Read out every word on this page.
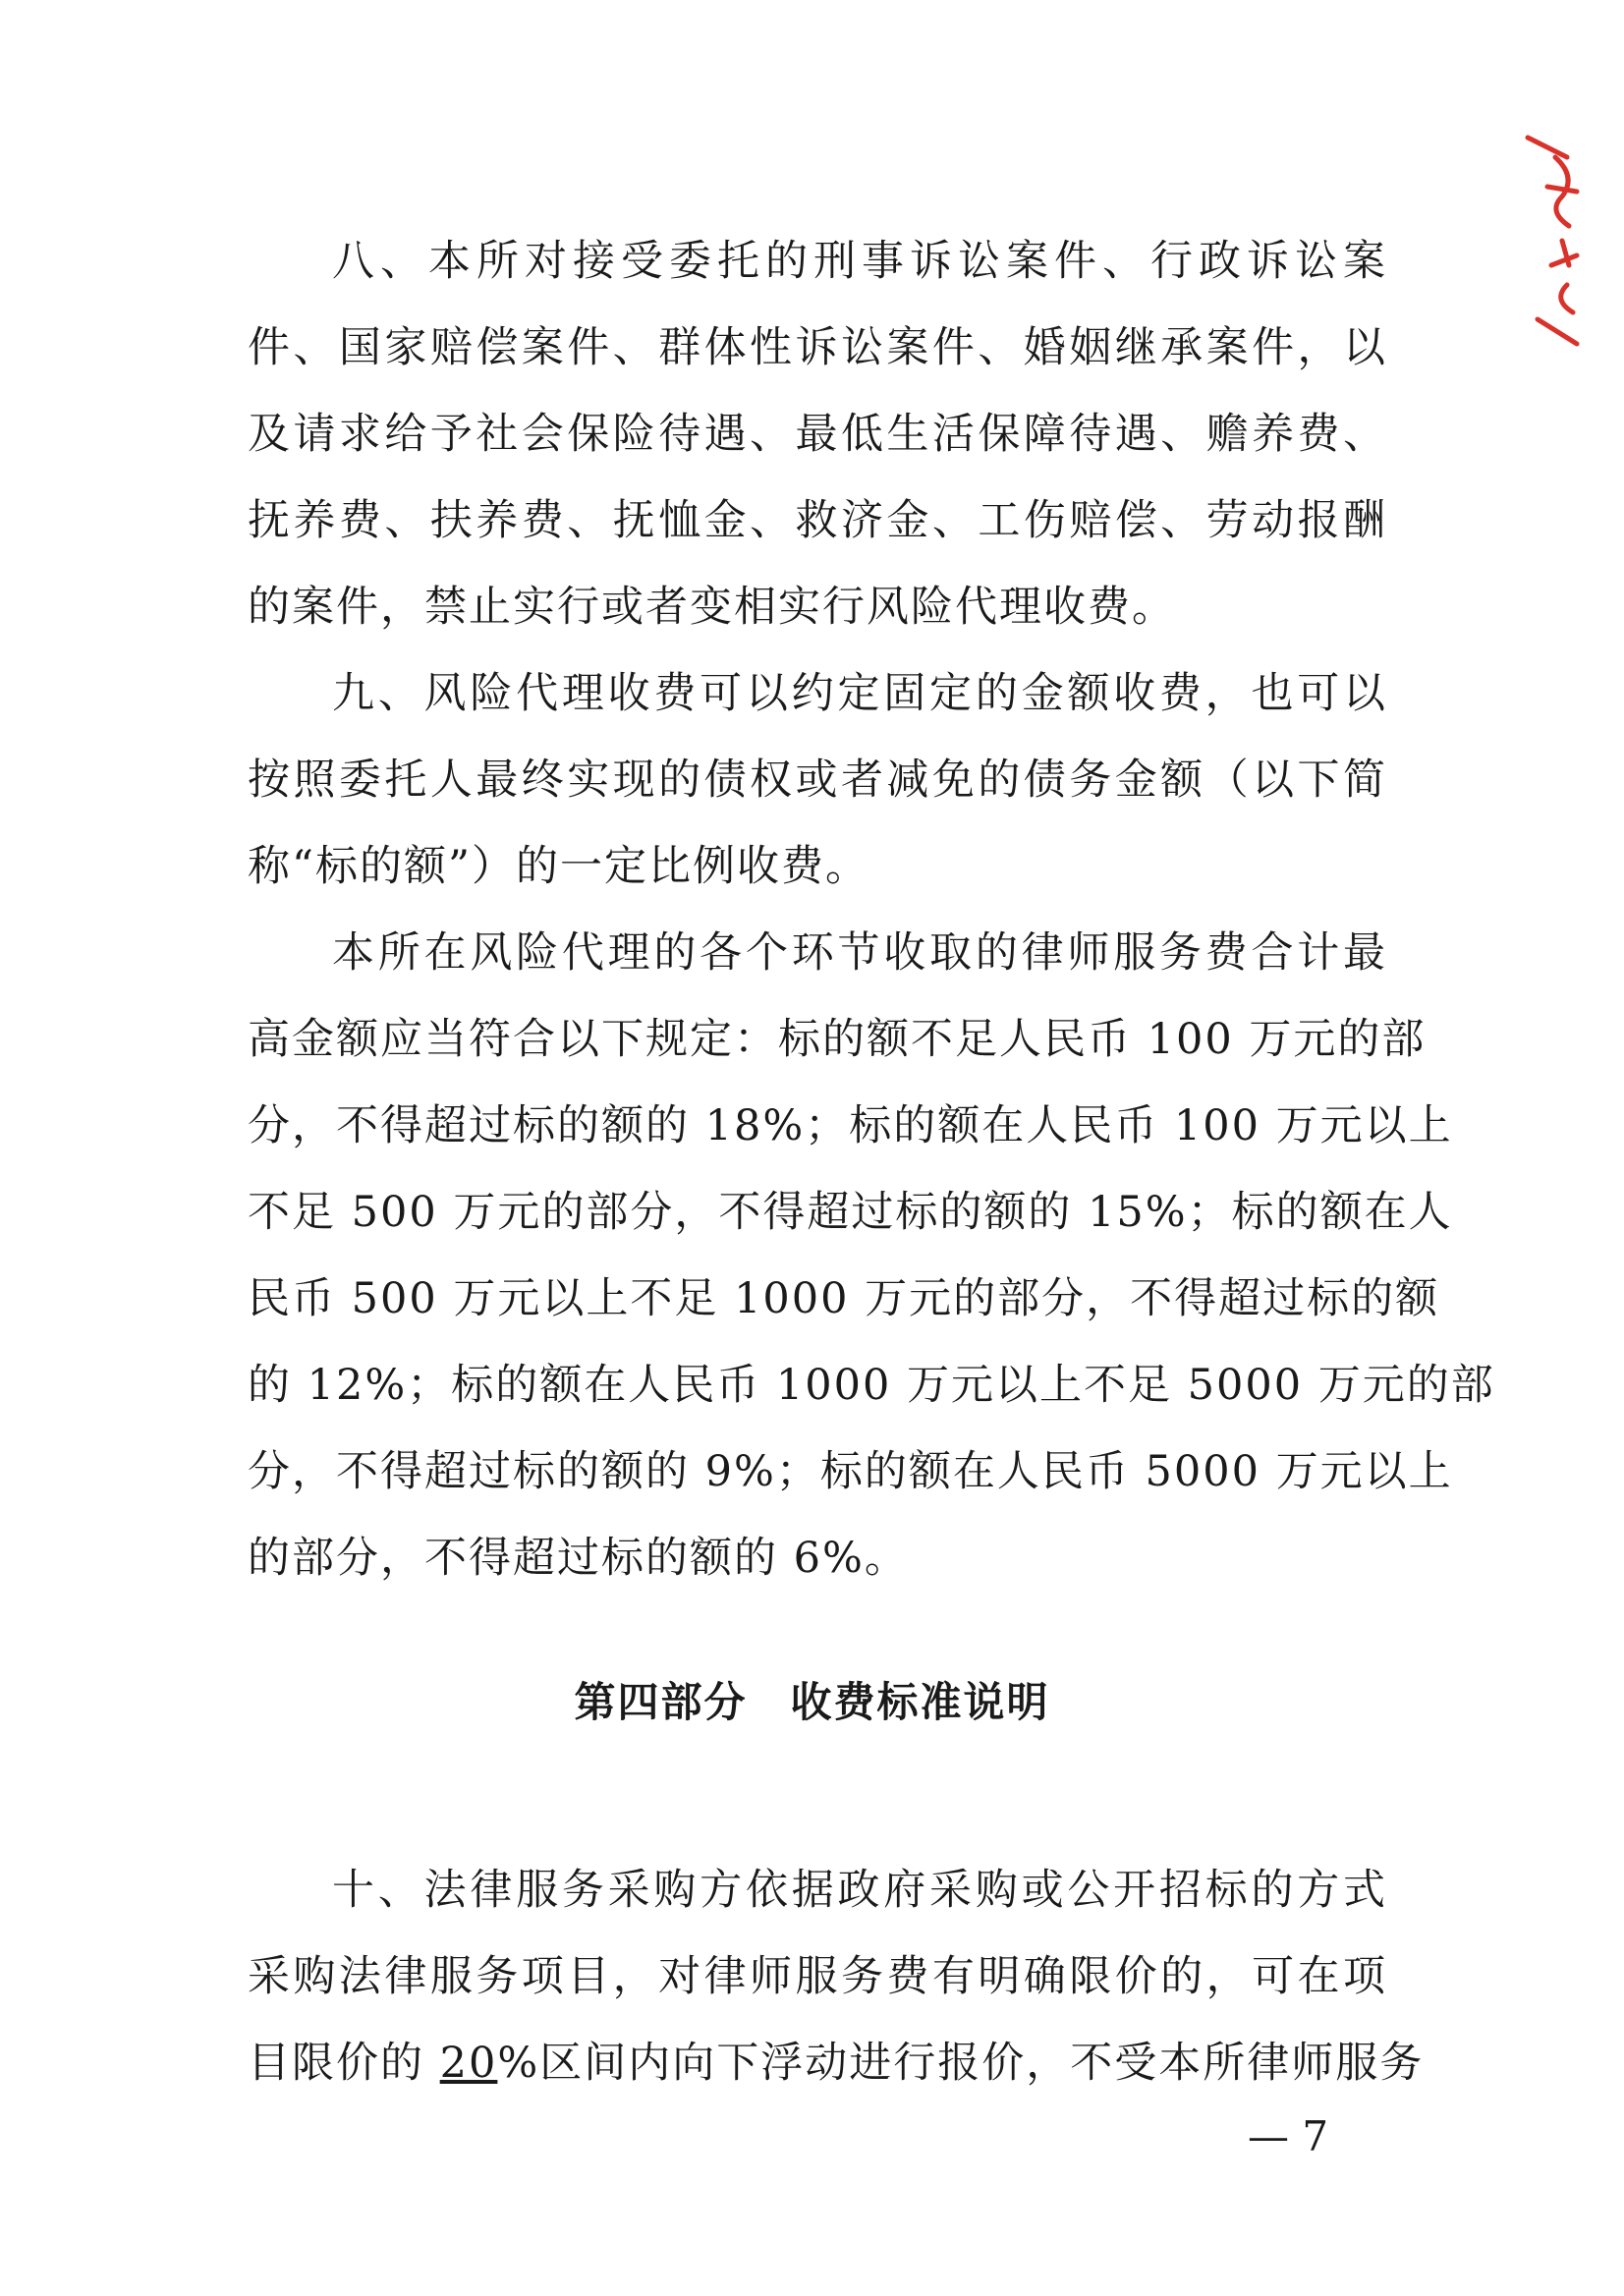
八、本所对接受委托的刑事诉讼案件、行政诉讼案
件、国家赔偿案件、群体性诉讼案件、婚姻继承案件，以
及请求给予社会保险待遇、最低生活保障待遇、赡养费、
抚养费、扶养费、抚恤金、救济金、工伤赔偿、劳动报酬
的案件，禁止实行或者变相实行风险代理收费。
九、风险代理收费可以约定固定的金额收费，也可以
按照委托人最终实现的债权或者减免的债务金额（以下简
称“标的额”）的一定比例收费。
本所在风险代理的各个环节收取的律师服务费合计最
高金额应当符合以下规定：标的额不足人民币 100 万元的部
分，不得超过标的额的 18%；标的额在人民币 100 万元以上
不足 500 万元的部分，不得超过标的额的 15%；标的额在人
民币 500 万元以上不足 1000 万元的部分，不得超过标的额
的 12%；标的额在人民币 1000 万元以上不足 5000 万元的部
分，不得超过标的额的 9%；标的额在人民币 5000 万元以上
的部分，不得超过标的额的 6%。
第四部分　收费标准说明
十、法律服务采购方依据政府采购或公开招标的方式
采购法律服务项目，对律师服务费有明确限价的，可在项
目限价的 20%区间内向下浮动进行报价，不受本所律师服务
— 7
